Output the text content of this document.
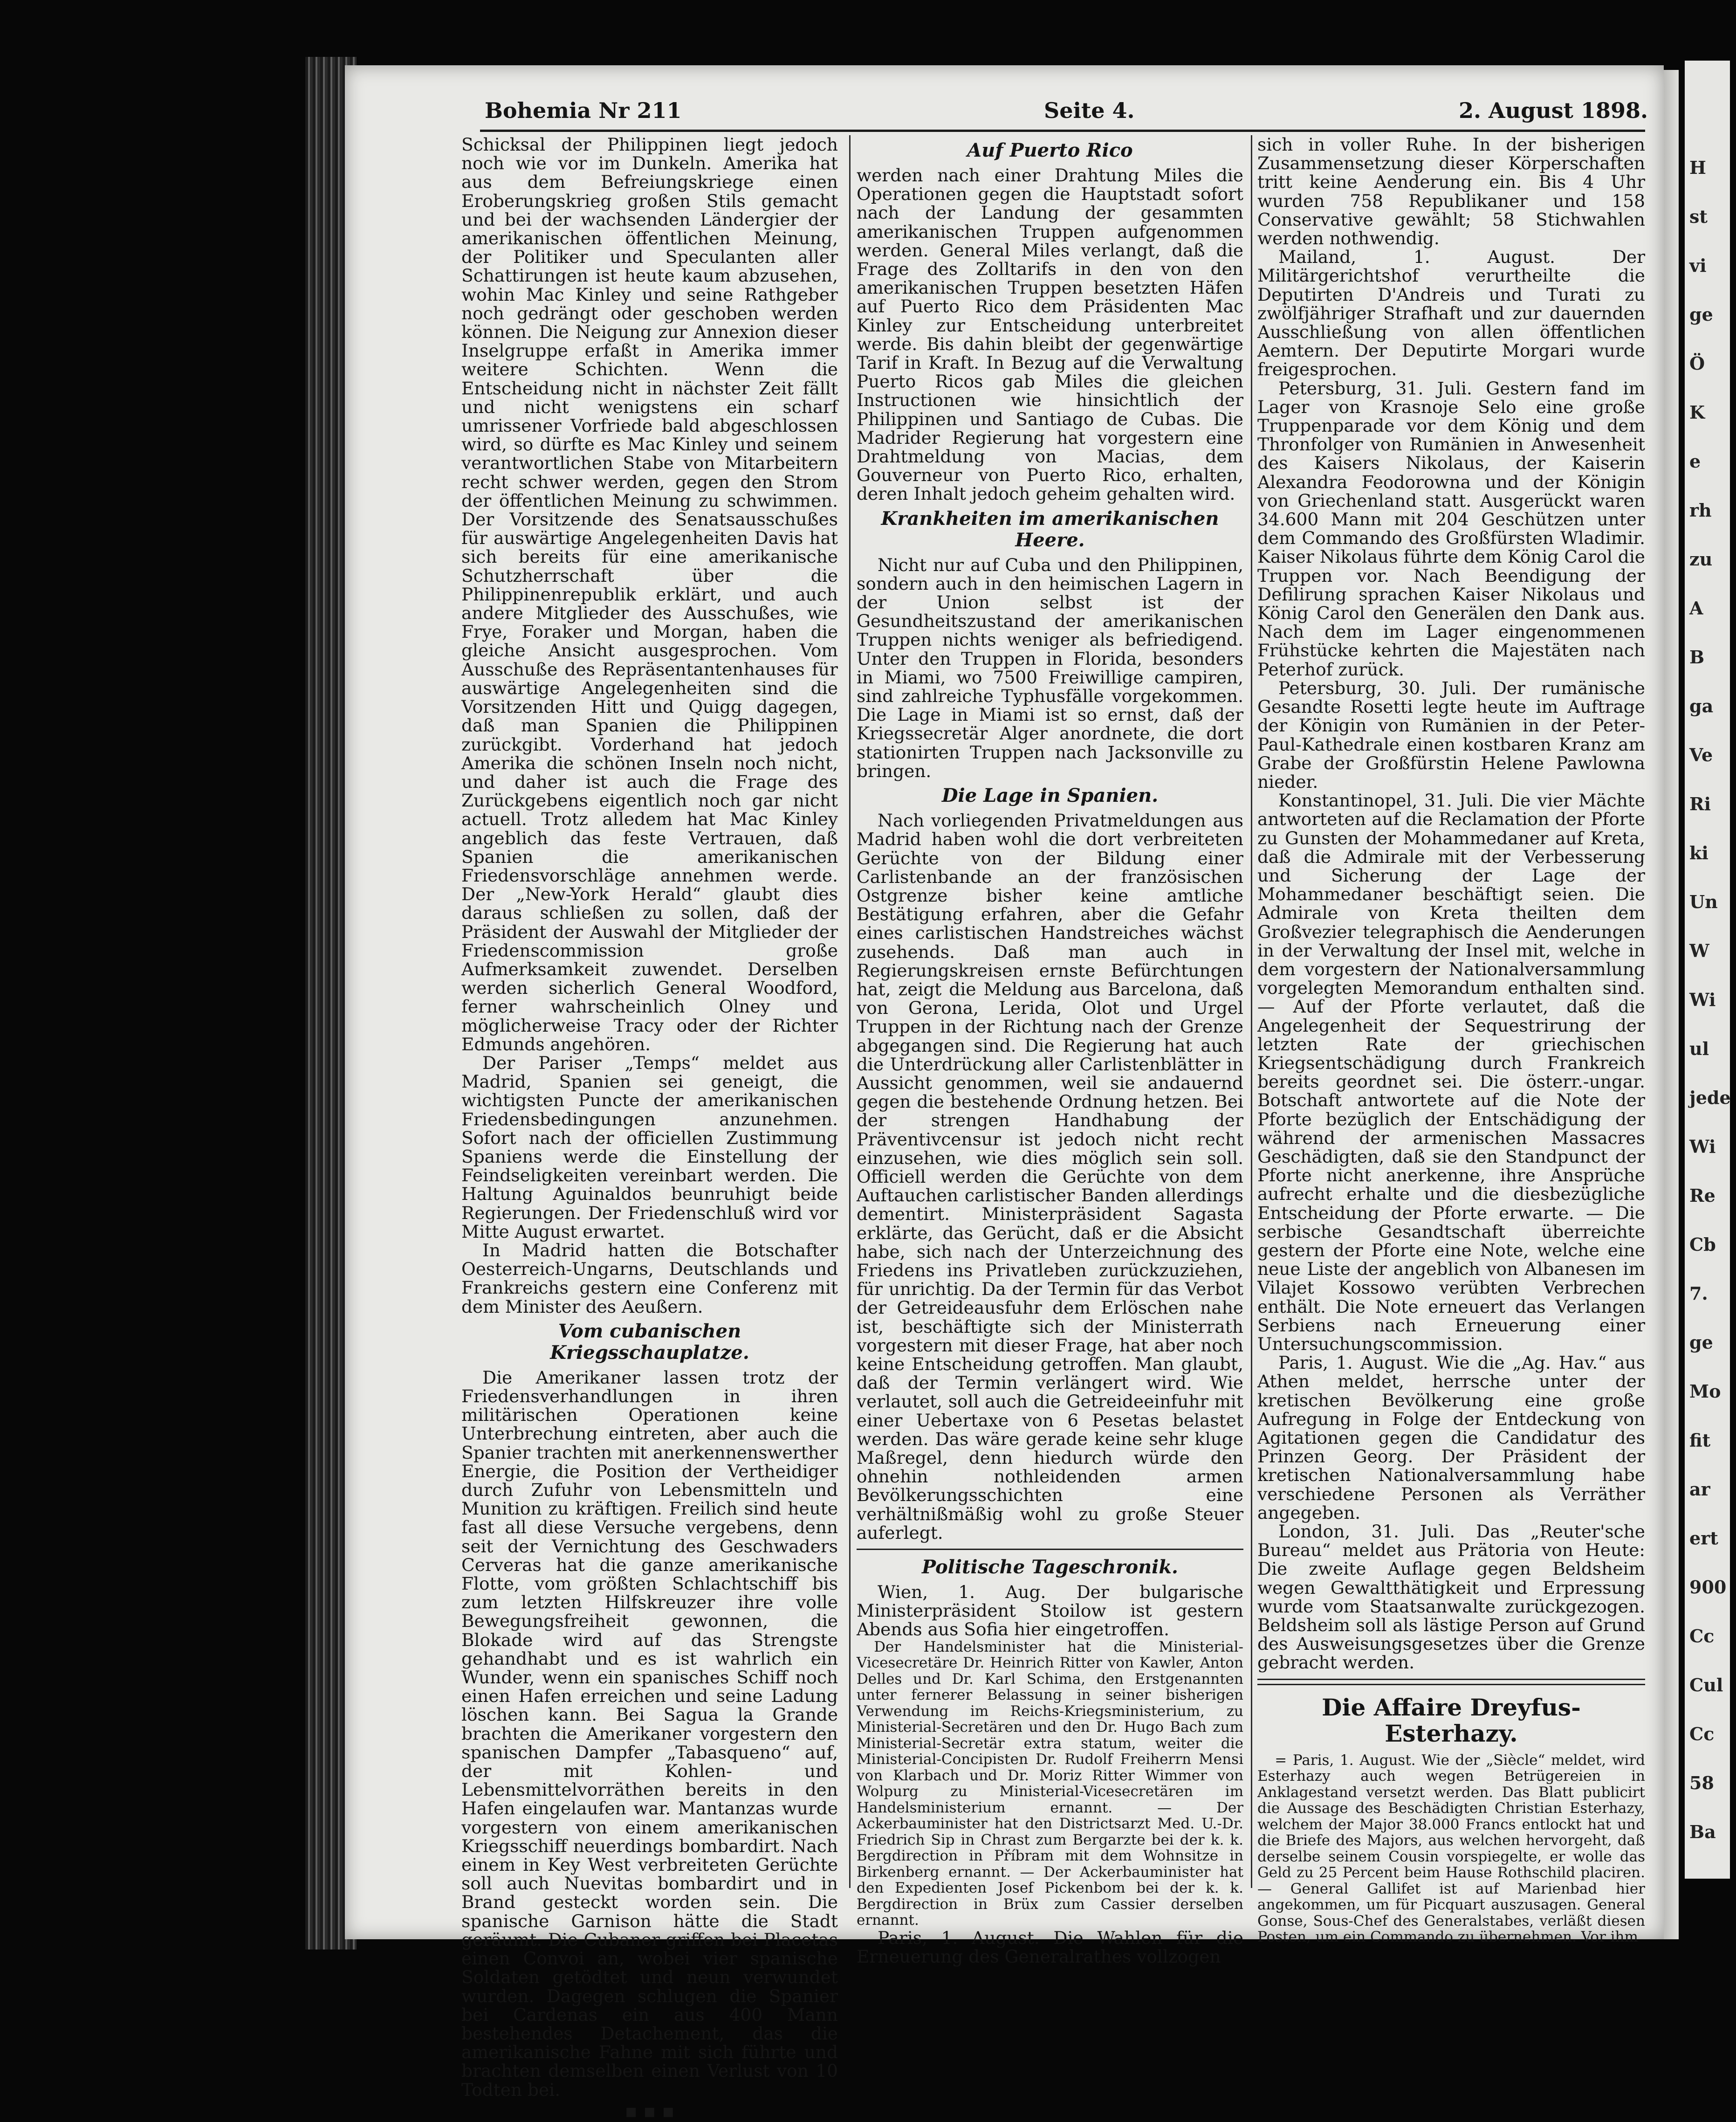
H
st
vi
ge
Ö
K
e
rh
zu
A
B
ga
Ve
Ri
ki
Un
W
Wi
ul
jede
Wi
Re
Cb
7.
ge
Mo
fit
ar
ert
900
Cc
Cul
Cc
58
Ba
Bohemia Nr 211	Seite 4.	2. August 1898.

Schicksal der Philippinen liegt jedoch noch wie vor im Dunkeln. Amerika hat aus dem Befreiungskriege einen Eroberungskrieg großen Stils gemacht und bei der wachsenden Ländergier der amerikanischen öffentlichen Meinung, der Politiker und Speculanten aller Schattirungen ist heute kaum abzusehen, wohin Mac Kinley und seine Rathgeber noch gedrängt oder geschoben werden können. Die Neigung zur Annexion dieser Inselgruppe erfaßt in Amerika immer weitere Schichten. Wenn die Entscheidung nicht in nächster Zeit fällt und nicht wenigstens ein scharf umrissener Vorfriede bald abgeschlossen wird, so dürfte es Mac Kinley und seinem verantwortlichen Stabe von Mitarbeitern recht schwer werden, gegen den Strom der öffentlichen Meinung zu schwimmen. Der Vorsitzende des Senatsausschußes für auswärtige Angelegenheiten Davis hat sich bereits für eine amerikanische Schutzherrschaft über die Philippinenrepublik erklärt, und auch andere Mitglieder des Ausschußes, wie Frye, Foraker und Morgan, haben die gleiche Ansicht ausgesprochen. Vom Ausschuße des Repräsentantenhauses für auswärtige Angelegenheiten sind die Vorsitzenden Hitt und Quigg dagegen, daß man Spanien die Philippinen zurückgibt. Vorderhand hat jedoch Amerika die schönen Inseln noch nicht, und daher ist auch die Frage des Zurückgebens eigentlich noch gar nicht actuell. Trotz alledem hat Mac Kinley angeblich das feste Vertrauen, daß Spanien die amerikanischen Friedensvorschläge annehmen werde. Der „New-York Herald“ glaubt dies daraus schließen zu sollen, daß der Präsident der Auswahl der Mitglieder der Friedenscommission große Aufmerksamkeit zuwendet. Derselben werden sicherlich General Woodford, ferner wahrscheinlich Olney und möglicherweise Tracy oder der Richter Edmunds angehören.

Der Pariser „Temps“ meldet aus Madrid, Spanien sei geneigt, die wichtigsten Puncte der amerikanischen Friedensbedingungen anzunehmen. Sofort nach der officiellen Zustimmung Spaniens werde die Einstellung der Feindseligkeiten vereinbart werden. Die Haltung Aguinaldos beunruhigt beide Regierungen. Der Friedenschluß wird vor Mitte August erwartet.

In Madrid hatten die Botschafter Oesterreich-Ungarns, Deutschlands und Frankreichs gestern eine Conferenz mit dem Minister des Aeußern.

Vom cubanischen Kriegsschauplatze.

Die Amerikaner lassen trotz der Friedensverhandlungen in ihren militärischen Operationen keine Unterbrechung eintreten, aber auch die Spanier trachten mit anerkennenswerther Energie, die Position der Vertheidiger durch Zufuhr von Lebensmitteln und Munition zu kräftigen. Freilich sind heute fast all diese Versuche vergebens, denn seit der Vernichtung des Geschwaders Cerveras hat die ganze amerikanische Flotte, vom größten Schlachtschiff bis zum letzten Hilfskreuzer ihre volle Bewegungsfreiheit gewonnen, die Blokade wird auf das Strengste gehandhabt und es ist wahrlich ein Wunder, wenn ein spanisches Schiff noch einen Hafen erreichen und seine Ladung löschen kann. Bei Sagua la Grande brachten die Amerikaner vorgestern den spanischen Dampfer „Tabasqueno“ auf, der mit Kohlen- und Lebensmittelvorräthen bereits in den Hafen eingelaufen war. Mantanzas wurde vorgestern von einem amerikanischen Kriegsschiff neuerdings bombardirt. Nach einem in Key West verbreiteten Gerüchte soll auch Nuevitas bombardirt und in Brand gesteckt worden sein. Die spanische Garnison hätte die Stadt geräumt. Die Cubaner griffen bei Placetas einen Convoi an, wobei vier spanische Soldaten getödtet und neun verwundet wurden. Dagegen schlugen die Spanier bei Cardenas ein aus 400 Mann bestehendes Detachement, das die amerikanische Fahne mit sich führte und brachten demselben einen Verlust von 10 Todten bei.

▪ ▪ ▪
Auf Puerto Rico

werden nach einer Drahtung Miles die Operationen gegen die Hauptstadt sofort nach der Landung der gesammten amerikanischen Truppen aufgenommen werden. General Miles verlangt, daß die Frage des Zolltarifs in den von den amerikanischen Truppen besetzten Häfen auf Puerto Rico dem Präsidenten Mac Kinley zur Entscheidung unterbreitet werde. Bis dahin bleibt der gegenwärtige Tarif in Kraft. In Bezug auf die Verwaltung Puerto Ricos gab Miles die gleichen Instructionen wie hinsichtlich der Philippinen und Santiago de Cubas. Die Madrider Regierung hat vorgestern eine Drahtmeldung von Macias, dem Gouverneur von Puerto Rico, erhalten, deren Inhalt jedoch geheim gehalten wird.

Krankheiten im amerikanischen Heere.

Nicht nur auf Cuba und den Philippinen, sondern auch in den heimischen Lagern in der Union selbst ist der Gesundheitszustand der amerikanischen Truppen nichts weniger als befriedigend. Unter den Truppen in Florida, besonders in Miami, wo 7500 Freiwillige campiren, sind zahlreiche Typhusfälle vorgekommen. Die Lage in Miami ist so ernst, daß der Kriegssecretär Alger anordnete, die dort stationirten Truppen nach Jacksonville zu bringen.

Die Lage in Spanien.

Nach vorliegenden Privatmeldungen aus Madrid haben wohl die dort verbreiteten Gerüchte von der Bildung einer Carlistenbande an der französischen Ostgrenze bisher keine amtliche Bestätigung erfahren, aber die Gefahr eines carlistischen Handstreiches wächst zusehends. Daß man auch in Regierungskreisen ernste Befürchtungen hat, zeigt die Meldung aus Barcelona, daß von Gerona, Lerida, Olot und Urgel Truppen in der Richtung nach der Grenze abgegangen sind. Die Regierung hat auch die Unterdrückung aller Carlistenblätter in Aussicht genommen, weil sie andauernd gegen die bestehende Ordnung hetzen. Bei der strengen Handhabung der Präventivcensur ist jedoch nicht recht einzusehen, wie dies möglich sein soll. Officiell werden die Gerüchte von dem Auftauchen carlistischer Banden allerdings dementirt. Ministerpräsident Sagasta erklärte, das Gerücht, daß er die Absicht habe, sich nach der Unterzeichnung des Friedens ins Privatleben zurückzuziehen, für unrichtig. Da der Termin für das Verbot der Getreideausfuhr dem Erlöschen nahe ist, beschäftigte sich der Ministerrath vorgestern mit dieser Frage, hat aber noch keine Entscheidung getroffen. Man glaubt, daß der Termin verlängert wird. Wie verlautet, soll auch die Getreideeinfuhr mit einer Uebertaxe von 6 Pesetas belastet werden. Das wäre gerade keine sehr kluge Maßregel, denn hiedurch würde den ohnehin nothleidenden armen Bevölkerungsschichten eine verhältnißmäßig wohl zu große Steuer auferlegt.

Politische Tageschronik.

Wien, 1. Aug. Der bulgarische Ministerpräsident Stoilow ist gestern Abends aus Sofia hier eingetroffen.

Der Handelsminister hat die Ministerial-Vicesecretäre Dr. Heinrich Ritter von Kawler, Anton Delles und Dr. Karl Schima, den Erstgenannten unter fernerer Belassung in seiner bisherigen Verwendung im Reichs-Kriegsministerium, zu Ministerial-Secretären und den Dr. Hugo Bach zum Ministerial-Secretär extra statum, weiter die Ministerial-Concipisten Dr. Rudolf Freiherrn Mensi von Klarbach und Dr. Moriz Ritter Wimmer von Wolpurg zu Ministerial-Vicesecretären im Handelsministerium ernannt. — Der Ackerbauminister hat den Districtsarzt Med. U.-Dr. Friedrich Sip in Chrast zum Bergarzte bei der k. k. Bergdirection in Příbram mit dem Wohnsitze in Birkenberg ernannt. — Der Ackerbauminister hat den Expedienten Josef Pickenbom bei der k. k. Bergdirection in Brüx zum Cassier derselben ernannt.

Paris, 1. August. Die Wahlen für die Erneuerung des Generalrathes vollzogen

sich in voller Ruhe. In der bisherigen Zusammensetzung dieser Körperschaften tritt keine Aenderung ein. Bis 4 Uhr wurden 758 Republikaner und 158 Conservative gewählt; 58 Stichwahlen werden nothwendig.

Mailand, 1. August. Der Militärgerichtshof verurtheilte die Deputirten D'Andreis und Turati zu zwölfjähriger Strafhaft und zur dauernden Ausschließung von allen öffentlichen Aemtern. Der Deputirte Morgari wurde freigesprochen.

Petersburg, 31. Juli. Gestern fand im Lager von Krasnoje Selo eine große Truppenparade vor dem König und dem Thronfolger von Rumänien in Anwesenheit des Kaisers Nikolaus, der Kaiserin Alexandra Feodorowna und der Königin von Griechenland statt. Ausgerückt waren 34.600 Mann mit 204 Geschützen unter dem Commando des Großfürsten Wladimir. Kaiser Nikolaus führte dem König Carol die Truppen vor. Nach Beendigung der Defilirung sprachen Kaiser Nikolaus und König Carol den Generälen den Dank aus. Nach dem im Lager eingenommenen Frühstücke kehrten die Majestäten nach Peterhof zurück.

Petersburg, 30. Juli. Der rumänische Gesandte Rosetti legte heute im Auftrage der Königin von Rumänien in der Peter-Paul-Kathedrale einen kostbaren Kranz am Grabe der Großfürstin Helene Pawlowna nieder.

Konstantinopel, 31. Juli. Die vier Mächte antworteten auf die Reclamation der Pforte zu Gunsten der Mohammedaner auf Kreta, daß die Admirale mit der Verbesserung und Sicherung der Lage der Mohammedaner beschäftigt seien. Die Admirale von Kreta theilten dem Großvezier telegraphisch die Aenderungen in der Verwaltung der Insel mit, welche in dem vorgestern der Nationalversammlung vorgelegten Memorandum enthalten sind. — Auf der Pforte verlautet, daß die Angelegenheit der Sequestrirung der letzten Rate der griechischen Kriegsentschädigung durch Frankreich bereits geordnet sei. Die österr.-ungar. Botschaft antwortete auf die Note der Pforte bezüglich der Entschädigung der während der armenischen Massacres Geschädigten, daß sie den Standpunct der Pforte nicht anerkenne, ihre Ansprüche aufrecht erhalte und die diesbezügliche Entscheidung der Pforte erwarte. — Die serbische Gesandtschaft überreichte gestern der Pforte eine Note, welche eine neue Liste der angeblich von Albanesen im Vilajet Kossowo verübten Verbrechen enthält. Die Note erneuert das Verlangen Serbiens nach Erneuerung einer Untersuchungscommission.

Paris, 1. August. Wie die „Ag. Hav.“ aus Athen meldet, herrsche unter der kretischen Bevölkerung eine große Aufregung in Folge der Entdeckung von Agitationen gegen die Candidatur des Prinzen Georg. Der Präsident der kretischen Nationalversammlung habe verschiedene Personen als Verräther angegeben.

London, 31. Juli. Das „Reuter'sche Bureau“ meldet aus Prätoria von Heute: Die zweite Auflage gegen Beldsheim wegen Gewaltthätigkeit und Erpressung wurde vom Staatsanwalte zurückgezogen. Beldsheim soll als lästige Person auf Grund des Ausweisungsgesetzes über die Grenze gebracht werden.

Die Affaire Dreyfus-Esterhazy.

= Paris, 1. August. Wie der „Siècle“ meldet, wird Esterhazy auch wegen Betrügereien in Anklagestand versetzt werden. Das Blatt publicirt die Aussage des Beschädigten Christian Esterhazy, welchem der Major 38.000 Francs entlockt hat und die Briefe des Majors, aus welchen hervorgeht, daß derselbe seinem Cousin vorspiegelte, er wolle das Geld zu 25 Percent beim Hause Rothschild placiren. — General Gallifet ist auf Marienbad hier angekommen, um für Picquart auszusagen. General Gonse, Sous-Chef des Generalstabes, verläßt diesen Posten, um ein Commando zu übernehmen. Vor ihm
